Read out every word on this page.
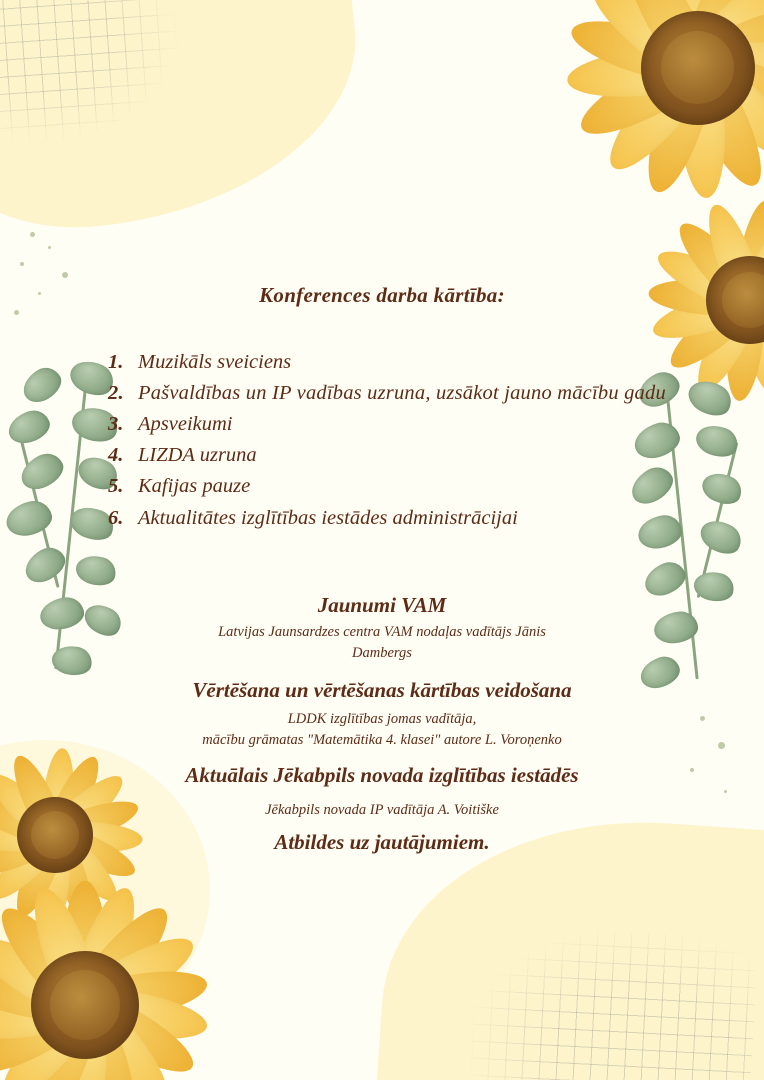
Konferences darba kārtība:
Muzikāls sveiciens
Pašvaldības un IP vadības uzruna, uzsākot jauno mācību gadu
Apsveikumi
LIZDA uzruna
Kafijas pauze
Aktualitātes izglītības iestādes administrācijai
Jaunumi VAM
Latvijas Jaunsardzes centra VAM nodaļas vadītājs Jānis
Dambergs
Vērtēšana un vērtēšanas kārtības veidošana
LDDK izglītības jomas vadītāja,
mācību grāmatas "Matemātika 4. klasei" autore L. Voroņenko
Aktuālais Jēkabpils novada izglītības iestādēs
Jēkabpils novada IP vadītāja A. Voitiške
Atbildes uz jautājumiem.
